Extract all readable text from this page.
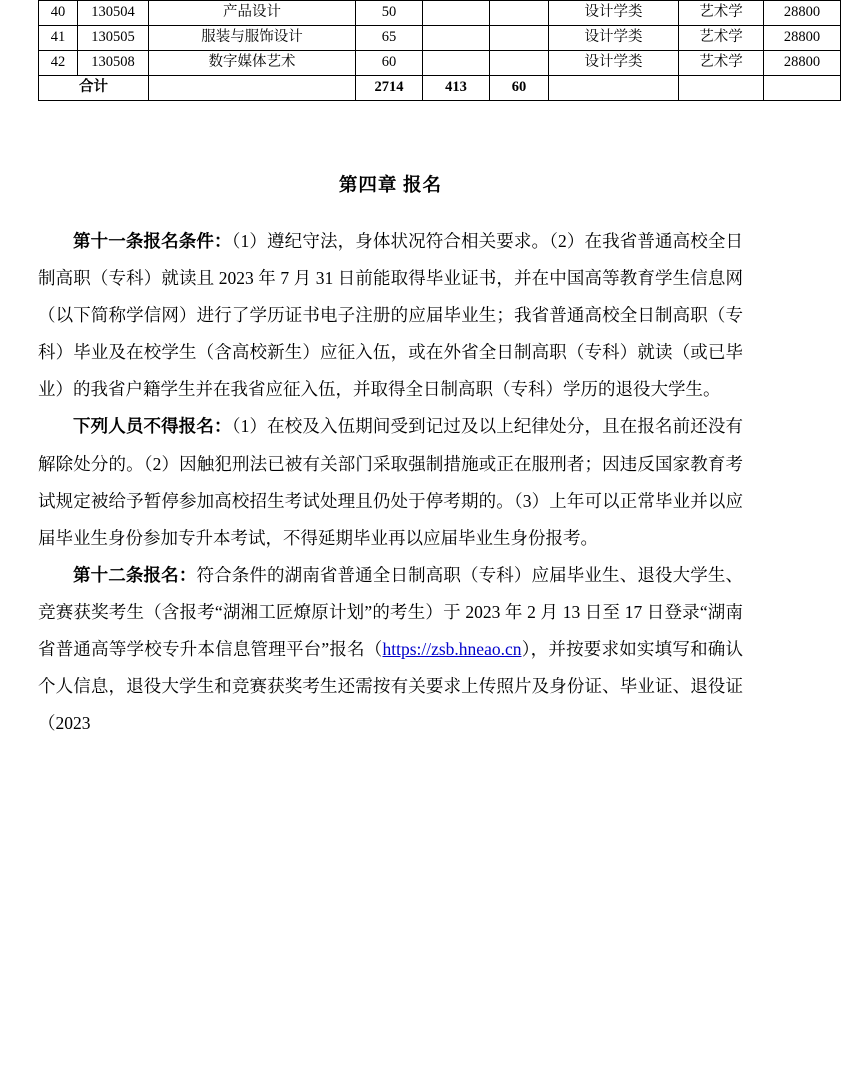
40	130504	产品设计	50			设计学类	艺术学	28800
41	130505	服装与服饰设计	65			设计学类	艺术学	28800
42	130508	数字媒体艺术	60			设计学类	艺术学	28800
合计			2714	413	60			
第四章 报名

第十一条报名条件：（1）遵纪守法，身体状况符合相关要求。（2）在我省普通高校全日制高职（专科）就读且 2023 年 7 月 31 日前能取得毕业证书，并在中国高等教育学生信息网（以下简称学信网）进行了学历证书电子注册的应届毕业生；我省普通高校全日制高职（专科）毕业及在校学生（含高校新生）应征入伍，或在外省全日制高职（专科）就读（或已毕业）的我省户籍学生并在我省应征入伍，并取得全日制高职（专科）学历的退役大学生。

下列人员不得报名：（1）在校及入伍期间受到记过及以上纪律处分，且在报名前还没有解除处分的。（2）因触犯刑法已被有关部门采取强制措施或正在服刑者；因违反国家教育考试规定被给予暂停参加高校招生考试处理且仍处于停考期的。（3）上年可以正常毕业并以应届毕业生身份参加专升本考试，不得延期毕业再以应届毕业生身份报考。

第十二条报名：符合条件的湖南省普通全日制高职（专科）应届毕业生、退役大学生、竞赛获奖考生（含报考“湖湘工匠燎原计划”的考生）于 2023 年 2 月 13 日至 17 日登录“湖南省普通高等学校专升本信息管理平台”报名（https://zsb.hneao.cn），并按要求如实填写和确认个人信息，退役大学生和竞赛获奖考生还需按有关要求上传照片及身份证、毕业证、退役证（2023
